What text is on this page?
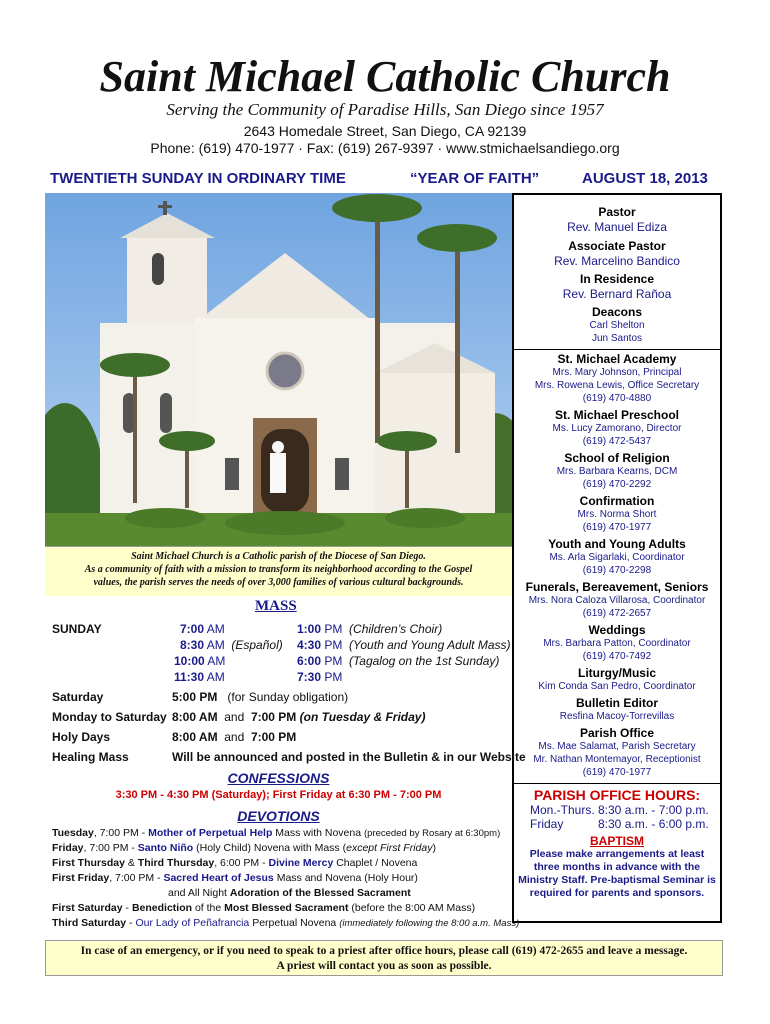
Saint Michael Catholic Church
Serving the Community of Paradise Hills, San Diego since 1957
2643 Homedale Street, San Diego, CA 92139
Phone: (619) 470-1977 · Fax: (619) 267-9397 · www.stmichaelsandiego.org
TWENTIETH SUNDAY IN ORDINARY TIME	“YEAR OF FAITH”	AUGUST 18, 2013
Saint Michael Church is a Catholic parish of the Diocese of San Diego.
As a community of faith with a mission to transform its neighborhood according to the Gospel
values, the parish serves the needs of over 3,000 families of various cultural backgrounds.
Pastor
Rev. Manuel Ediza
Associate Pastor
Rev. Marcelino Bandico
In Residence
Rev. Bernard Rañoa
Deacons
Carl Shelton
Jun Santos
St. Michael Academy
Mrs. Mary Johnson, Principal
Mrs. Rowena Lewis, Office Secretary
(619) 470-4880
St. Michael Preschool
Ms. Lucy Zamorano, Director
(619) 472-5437
School of Religion
Mrs. Barbara Kearns, DCM
(619) 470-2292
Confirmation
Mrs. Norma Short
(619) 470-1977
Youth and Young Adults
Ms. Arla Sigarlaki, Coordinator
(619) 470-2298
Funerals, Bereavement, Seniors
Mrs. Nora Caloza Villarosa, Coordinator
(619) 472-2657
Weddings
Mrs. Barbara Patton, Coordinator
(619) 470-7492
Liturgy/Music
Kim Conda San Pedro, Coordinator
Bulletin Editor
Resfina Macoy-Torrevillas
Parish Office
Ms. Mae Salamat, Parish Secretary
Mr. Nathan Montemayor, Receptionist
(619) 470-1977
PARISH OFFICE HOURS:
Mon.-Thurs. 8:30 a.m. - 7:00 p.m.
Friday	8:30 a.m. - 6:00 p.m.
BAPTISM
Please make arrangements at least
three months in advance with the
Ministry Staff. Pre-baptismal Seminar is
required for parents and sponsors.
MASS
SUNDAY	7:00 AM	1:00 PM (Children’s Choir)
8:30 AM (Español) 4:30 PM (Youth and Young Adult Mass)
10:00 AM	6:00 PM (Tagalog on the 1st Sunday)
11:30 AM	7:30 PM
Saturday	5:00 PM (for Sunday obligation)
Monday to Saturday 8:00 AM and 7:00 PM (on Tuesday & Friday)
Holy Days	8:00 AM and 7:00 PM
Healing Mass	Will be announced and posted in the Bulletin & in our Website
CONFESSIONS
3:30 PM - 4:30 PM (Saturday); First Friday at 6:30 PM - 7:00 PM
DEVOTIONS
Tuesday, 7:00 PM - Mother of Perpetual Help Mass with Novena (preceded by Rosary at 6:30pm)
Friday, 7:00 PM - Santo Niño (Holy Child) Novena with Mass (except First Friday)
First Thursday & Third Thursday, 6:00 PM - Divine Mercy Chaplet / Novena
First Friday, 7:00 PM - Sacred Heart of Jesus Mass and Novena (Holy Hour)
and All Night Adoration of the Blessed Sacrament
First Saturday - Benediction of the Most Blessed Sacrament (before the 8:00 AM Mass)
Third Saturday - Our Lady of Peñafrancia Perpetual Novena (immediately following the 8:00 a.m. Mass)
In case of an emergency, or if you need to speak to a priest after office hours, please call (619) 472-2655 and leave a message.
A priest will contact you as soon as possible.
